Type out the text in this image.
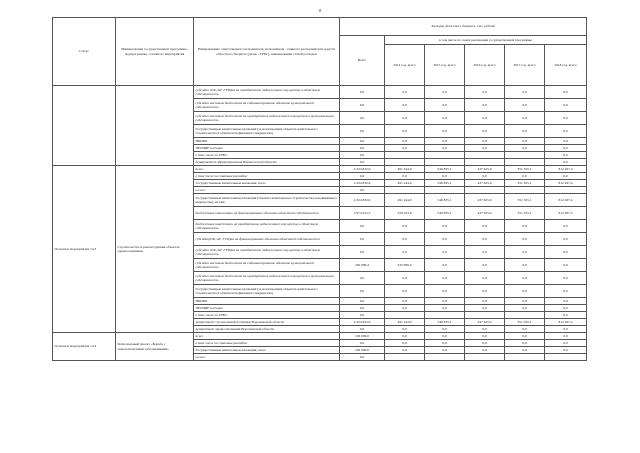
11
Статус	Наименование государственной программы, подпрограммы, основного мероприятия	Наименование ответственного исполнителя, исполнителя - главного распорядителя средств областного бюджета (далее - ГРБС), наименование статей расходов	Расходы областного бюджета, тыс. рублей					
			Всего	в том числе по годам реализации государственной программы				
				2014 год, всего	2015 год, всего	2016 год, всего	2017 год, всего	2018 год, всего
		субсидии (ОК, АУ, ГУП)на на приобретение недвижимого имущества в областную собственность	0,0	0,0	0,0	0,0	0,0	0,0
		субсидии местным бюджетам на софинансирование объектов муниципальной собственности	0,0	0,0	0,0	0,0	0,0	0,0
		субсидии местным бюджетам на приобретение недвижимого имущества в муниципальную собственность	0,0	0,0	0,0	0,0	0,0	0,0
		Государственные капитальные вложения (за исключением объектов капитального строительства и объектов недвижимого имущества)	0,0	0,0	0,0	0,0	0,0	0,0
		НИОКР	0,0	0,0	0,0	0,0	0,0	0,0
		ПРОЧИЕ расходы	0,0	0,0	0,0	0,0	0,0	0,0
		в том числе по ГРБС:	0,0					0,0
		департамент здравоохранения Воронежской области	0,0					0,0
Основное мероприятие 14.3	Строительство и реконструкция объектов здравоохранения	всего	4 324 832,9	491 244,0	546 835,1	437 625,0	351 325,1	812 297,4
		в том числе по статьям расходов:	0,0	0,0	0,0	0,0	0,0	0,0
		Государственные капитальные вложения, всего	4 324 832,9	491 244,0	546 835,1	437 625,0	351 325,1	812 297,4
		из них:	0,0					
		Государственные капитальные вложения (объекты капитального строительства и недвижимого имущества), из них:	4 324 832,9	491 244,0	546 835,1	437 625,0	351 325,1	812 297,4
		бюджетные инвестиции на финансирование объектов областной собственности	3 974 252,5	258 163,6	546 835,1	437 625,0	351 325,1	812 297,4
		бюджетные инвестиции на приобретение недвижимого имущества в областную собственность	0,0	0,0	0,0	0,0	0,0	0,0
		субсидии(ОК, АУ, ГУП)на на финансирование объектов областной собственности	0,0	0,0	0,0	0,0	0,0	0,0
		субсидии (ОК, АУ, ГУП)на на приобретение недвижимого имущества в областную собственность	0,0	0,0	0,0	0,0	0,0	0,0
		субсидии местным бюджетам на софинансирование объектов муниципальной собственности	350 080,4	232 080,4	0,0	0,0	0,0	0,0
		субсидии местным бюджетам на приобретение недвижимого имущества в муниципальную собственность	0,0	0,0	0,0	0,0	0,0	0,0
		Государственные капитальные вложения (за исключением объектов капитального строительства и объектов недвижимого имущества)	0,0	0,0	0,0	0,0	0,0	0,0
		НИОКР	0,0	0,0	0,0	0,0	0,0	0,0
		ПРОЧИЕ расходы	0,0	0,0	0,0	0,0	0,0	0,0
		в том числе по ГРБС:	0,0					0,0
		департамент строительной политики Воронежской области	4 324 832,9	491 244,0	546 835,1	437 625,0	351 325,1	812 297,4
		департамент здравоохранения Воронежской области	0,0	0,0	0,0	0,0	0,0	0,0
Основное мероприятие 14.4	Региональный проект «Борьба с онкологическими заболеваниями»	всего	100 000,0	0,0	0,0	0,0	0,0	0,0
		в том числе по статьям расходов:	0,0	0,0	0,0	0,0	0,0	0,0
		Государственные капитальные вложения, всего	100 000,0	0,0	0,0	0,0	0,0	0,0
		из них:	0,0					
